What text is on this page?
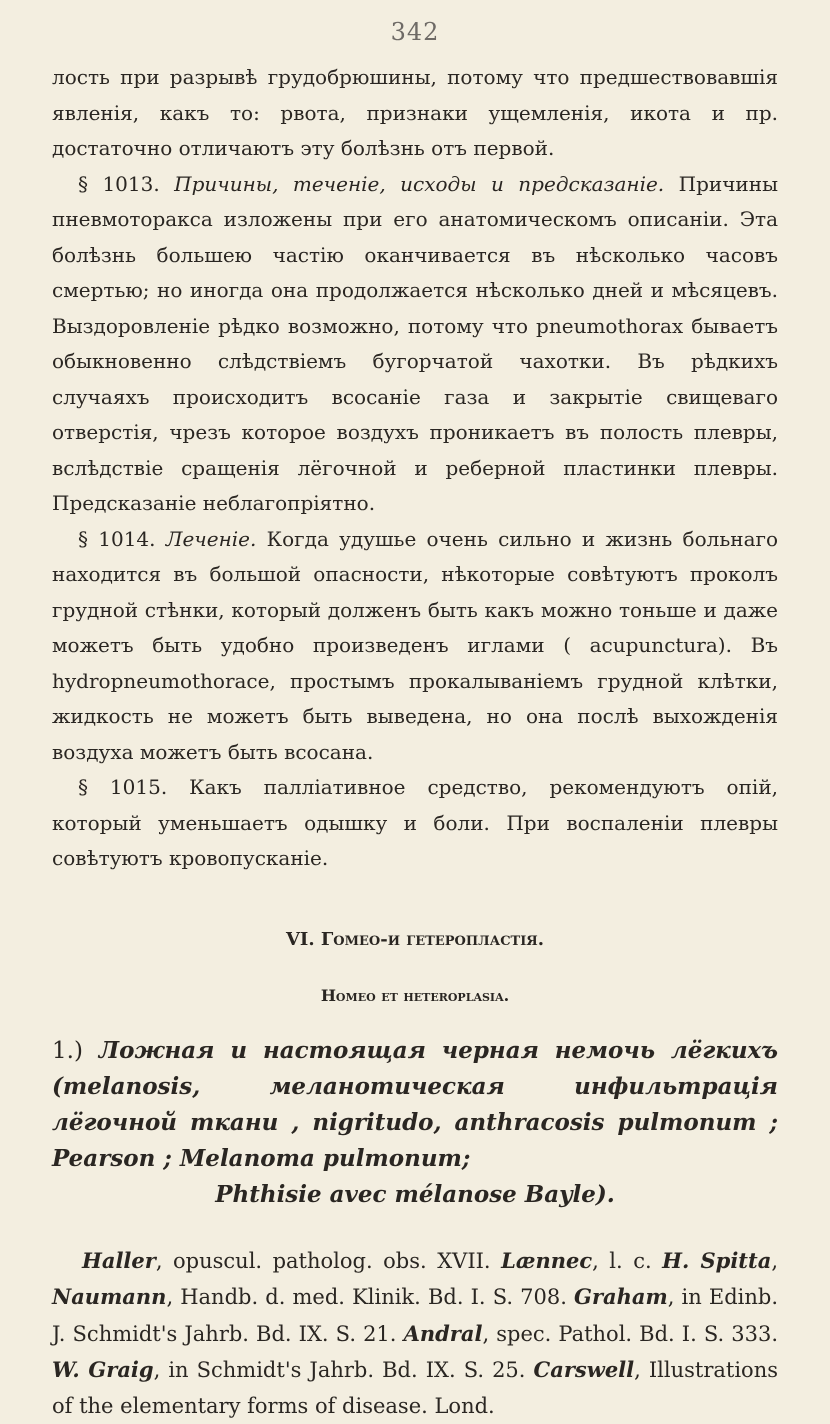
342

лость при разрывѣ грудобрюшины, потому что предшествовавшія явленія, какъ то: рвота, признаки ущемленія, икота и пр. достаточно отличаютъ эту болѣзнь отъ первой.

§ 1013. Причины, теченіе, исходы и предсказаніе. Причины пневмоторакса изложены при его анатомическомъ описаніи. Эта болѣзнь большею частію оканчивается въ нѣсколько часовъ смертью; но иногда она продолжается нѣсколько дней и мѣсяцевъ. Выздоровленіе рѣдко возможно, потому что pneumothorax бываетъ обыкновенно слѣдствіемъ бугорчатой чахотки. Въ рѣдкихъ случаяхъ происходитъ всосаніе газа и закрытіе свищеваго отверстія, чрезъ которое воздухъ проникаетъ въ полость плевры, вслѣдствіе сращенія лёгочной и реберной пластинки плевры. Предсказаніе неблагопріятно.

§ 1014. Леченіе. Когда удушье очень сильно и жизнь больнаго находится въ большой опасности, нѣкоторые совѣтуютъ проколъ грудной стѣнки, который долженъ быть какъ можно тоньше и даже можетъ быть удобно произведенъ иглами ( acupunctura). Въ hydropneumothorace, простымъ прокалываніемъ грудной клѣтки, жидкость не можетъ быть выведена, но она послѣ выхожденія воздуха можетъ быть всосана.

§ 1015. Какъ паллiативное средство, рекомендуютъ опій, который уменьшаетъ одышку и боли. При воспаленіи плевры совѣтуютъ кровопусканіе.

VI. Гомео-и гетеропластія.
Homeo et heteroplasia.
1.) Ложная и настоящая черная немочь лёгкихъ (melanosis, меланотическая инфильтрація лёгочной ткани , nigritudo, anthracosis pulmonum ; Pearson ; Melanoma pulmonum;
Phthisie avec mélanose Bayle).

Haller, opuscul. patholog. obs. XVII. Lænnec, l. c. H. Spitta, Naumann, Handb. d. med. Klinik. Bd. I. S. 708. Graham, in Edinb. J. Schmidt's Jahrb. Bd. IX. S. 21. Andral, spec. Pathol. Bd. I. S. 333. W. Graig, in Schmidt's Jahrb. Bd. IX. S. 25. Carswell, Illustrations of the elementary forms of disease. Lond.
